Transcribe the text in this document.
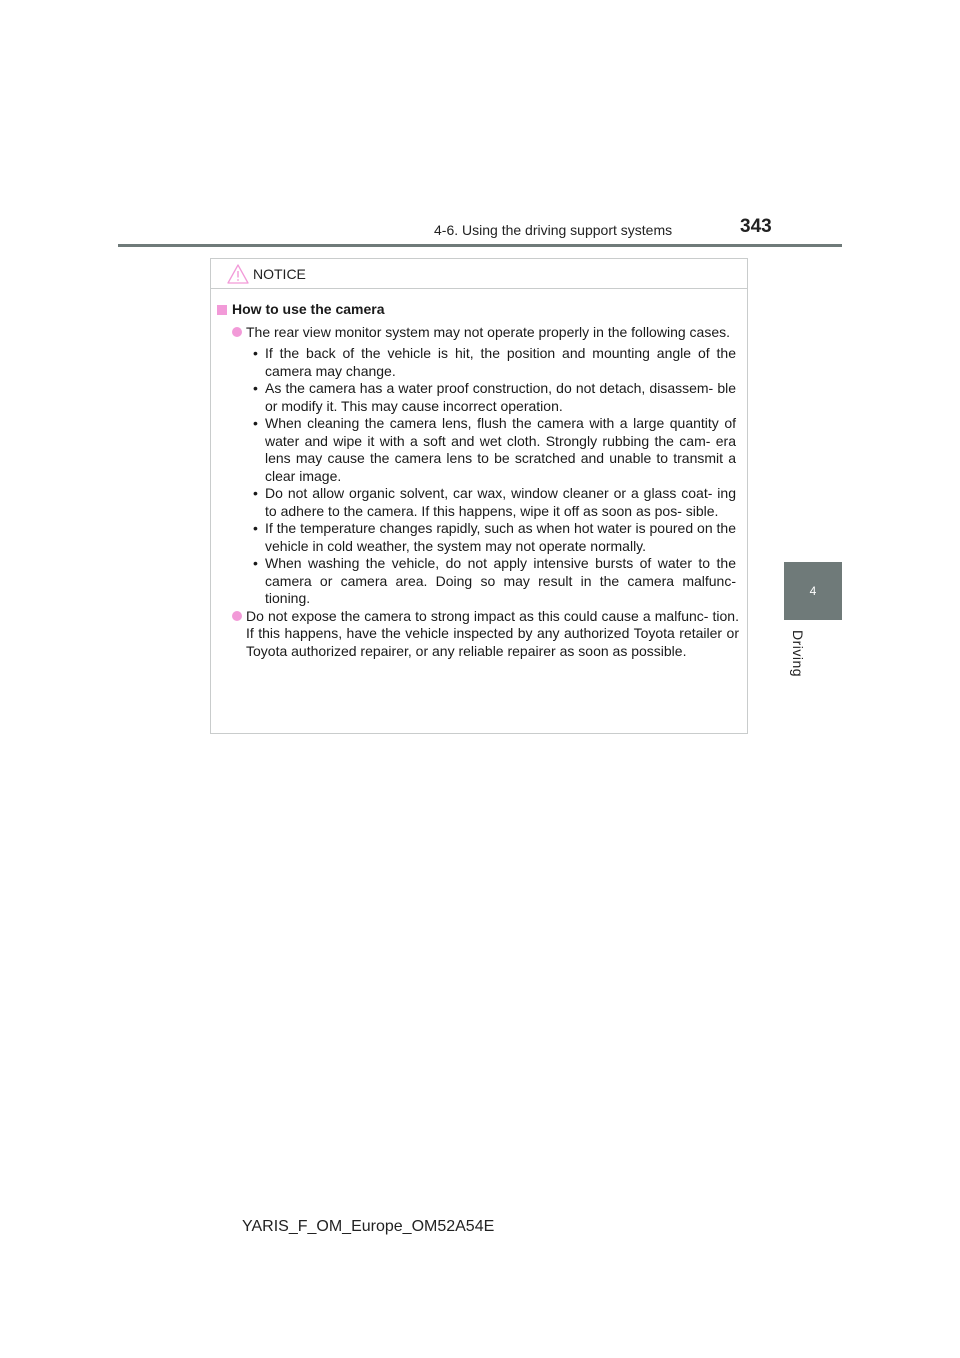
4-6. Using the driving support systems	343
4
Driving
NOTICE
How to use the camera
The rear view monitor system may not operate properly in the following cases.
• If the back of the vehicle is hit, the position and mounting angle of the camera may change.
• As the camera has a water proof construction, do not detach, disassem- ble or modify it. This may cause incorrect operation.
• When cleaning the camera lens, flush the camera with a large quantity of water and wipe it with a soft and wet cloth. Strongly rubbing the cam- era lens may cause the camera lens to be scratched and unable to transmit a clear image.
• Do not allow organic solvent, car wax, window cleaner or a glass coat- ing to adhere to the camera. If this happens, wipe it off as soon as pos- sible.
• If the temperature changes rapidly, such as when hot water is poured on the vehicle in cold weather, the system may not operate normally.
• When washing the vehicle, do not apply intensive bursts of water to the camera or camera area. Doing so may result in the camera malfunc- tioning.
Do not expose the camera to strong impact as this could cause a malfunc- tion. If this happens, have the vehicle inspected by any authorized Toyota retailer or Toyota authorized repairer, or any reliable repairer as soon as possible.
YARIS_F_OM_Europe_OM52A54E
